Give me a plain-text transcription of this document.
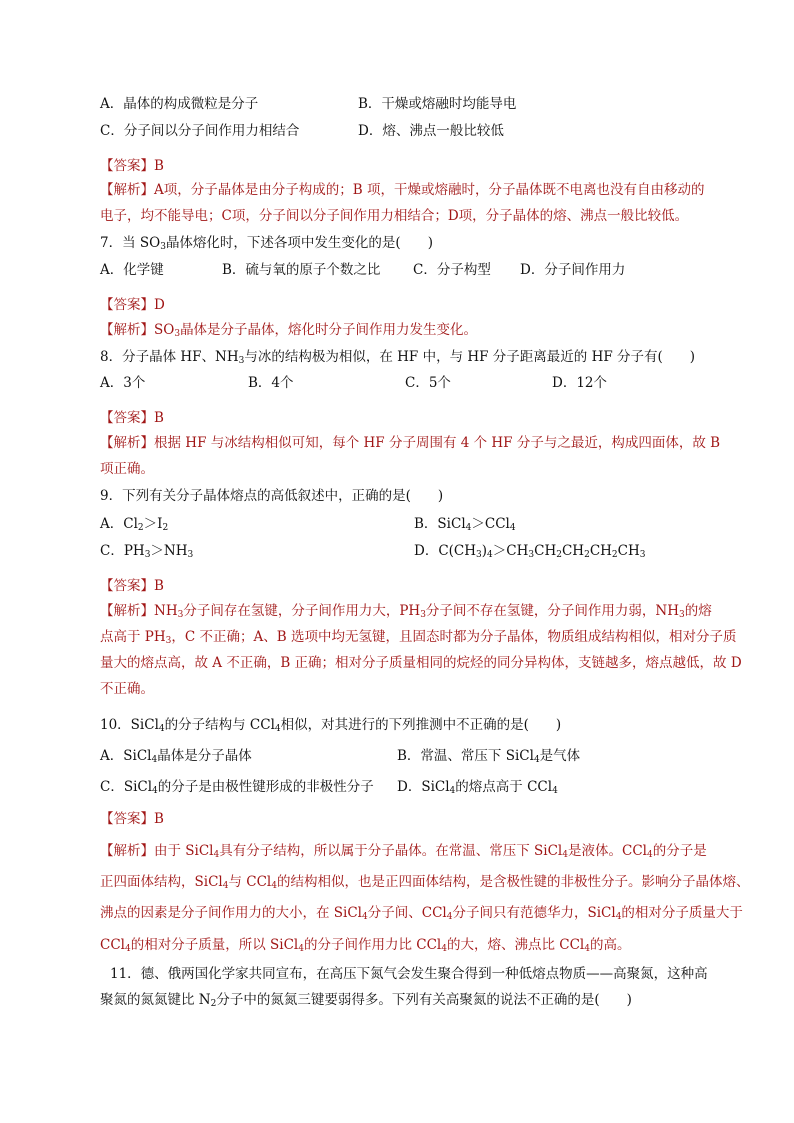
A．晶体的构成微粒是分子	B．干燥或熔融时均能导电
C．分子间以分子间作用力相结合	D．熔、沸点一般比较低
【答案】B
【解析】A项，分子晶体是由分子构成的；B 项，干燥或熔融时，分子晶体既不电离也没有自由移动的
电子，均不能导电；C项，分子间以分子间作用力相结合；D项，分子晶体的熔、沸点一般比较低。
7．当 $SO_3$晶体熔化时，下述各项中发生变化的是(　　)
A．化学键	B．硫与氧的原子个数之比 C．分子构型 D．分子间作用力
【答案】D
【解析】$SO_3$晶体是分子晶体，熔化时分子间作用力发生变化。
8．分子晶体 HF、$NH_3$与冰的结构极为相似，在 HF 中，与 HF 分子距离最近的 HF 分子有(　　)
A．3个	B．4个	C．5个	D．12个
【答案】B
【解析】根据 HF 与冰结构相似可知，每个 HF 分子周围有 4 个 HF 分子与之最近，构成四面体，故 B
项正确。
9．下列有关分子晶体熔点的高低叙述中，正确的是(　　)
A．$Cl_2>I_2$	B．SiCl$_4$＞CCl$_4$
C．$PH_3>NH_3$	D．$C(CH_3)_4>CH_3CH_2CH_2CH_2CH_3$
【答案】B
【解析】$NH_3$分子间存在氢键，分子间作用力大，$PH_3$分子间不存在氢键，分子间作用力弱，$NH_3$的熔
点高于 $PH_3$，C 不正确；A、B 选项中均无氢键，且固态时都为分子晶体，物质组成结构相似，相对分子质
量大的熔点高，故 A 不正确，B 正确；相对分子质量相同的烷烃的同分异构体，支链越多，熔点越低，故 D
不正确。
10．SiCl$_4$的分子结构与 CCl$_4$相似，对其进行的下列推测中不正确的是(　　)
A．SiCl$_4$晶体是分子晶体	B．常温、常压下 SiCl$_4$是气体
C．SiCl$_4$的分子是由极性键形成的非极性分子 D．SiCl$_4$的熔点高于 CCl$_4$
【答案】B
【解析】由于 SiCl$_4$具有分子结构，所以属于分子晶体。在常温、常压下 SiCl$_4$是液体。CCl$_4$的分子是
正四面体结构，SiCl$_4$与 CCl$_4$的结构相似，也是正四面体结构，是含极性键的非极性分子。影响分子晶体熔、
沸点的因素是分子间作用力的大小，在 SiCl$_4$分子间、CCl$_4$分子间只有范德华力，SiCl$_4$的相对分子质量大于
CCl$_4$的相对分子质量，所以 SiCl$_4$的分子间作用力比 CCl$_4$的大，熔、沸点比 CCl$_4$的高。
11．德、俄两国化学家共同宣布，在高压下氮气会发生聚合得到一种低熔点物质——高聚氮，这种高
聚氮的氮氮键比 $N_2$分子中的氮氮三键要弱得多。下列有关高聚氮的说法不正确的是(　　)
